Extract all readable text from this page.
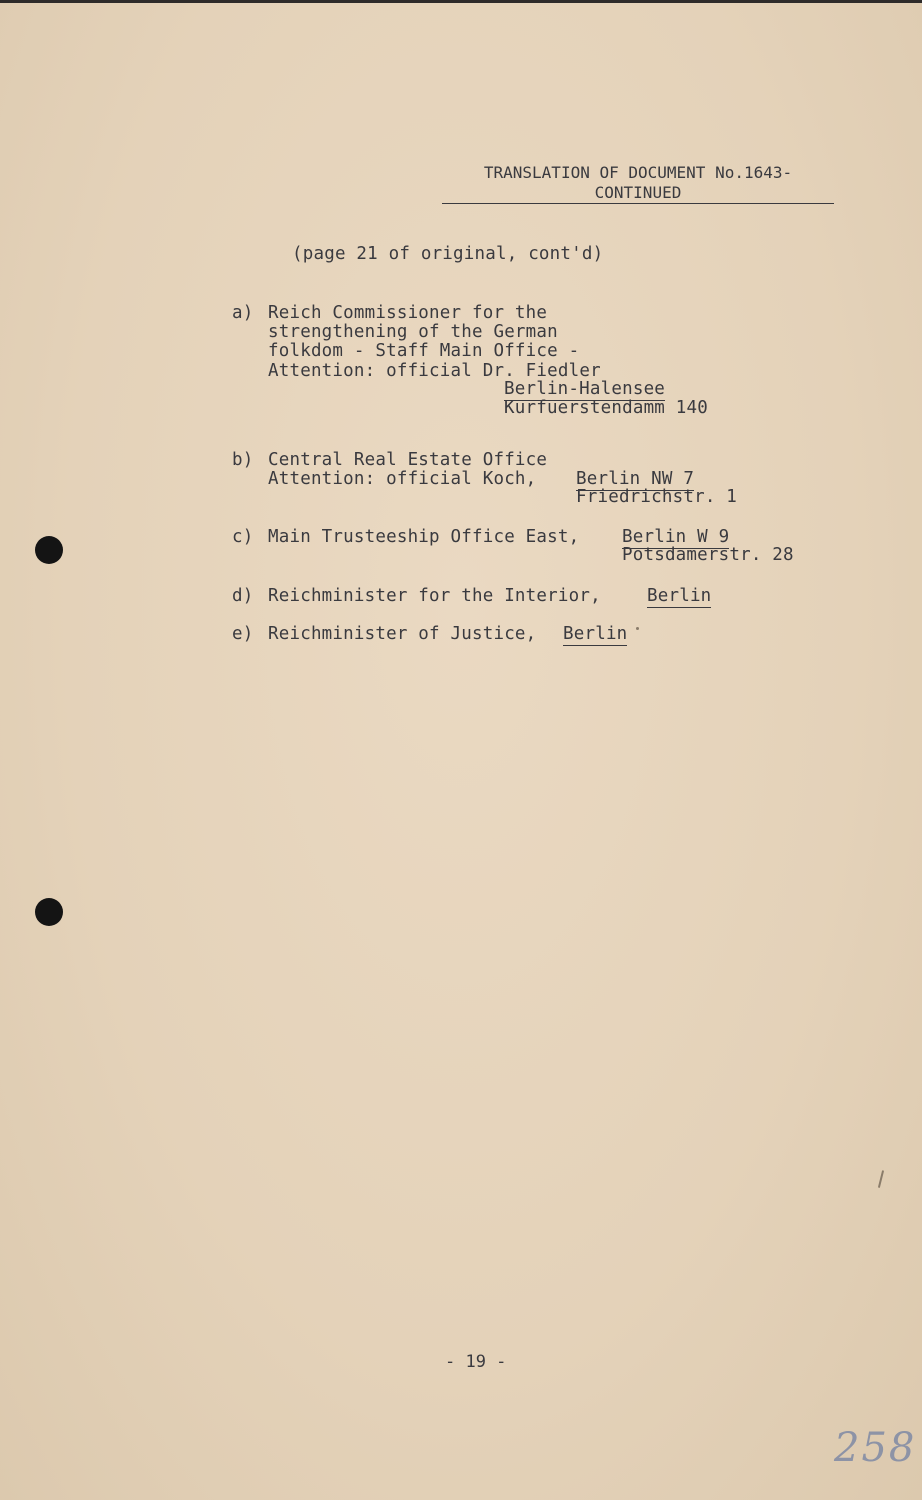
TRANSLATION OF DOCUMENT No.1643-
CONTINUED
(page 21 of original, cont'd)
a) Reich Commissioner for the
strengthening of the German
folkdom - Staff Main Office -
Attention: official Dr. Fiedler
Berlin-Halensee
Kurfuerstendamm 140
b) Central Real Estate Office
Attention: official Koch, Berlin NW 7
Friedrichstr. 1
c) Main Trusteeship Office East, Berlin W 9
Potsdamerstr. 28
d) Reichminister for the Interior,	Berlin
e) Reichminister of Justice, Berlin
- 19 -
258
